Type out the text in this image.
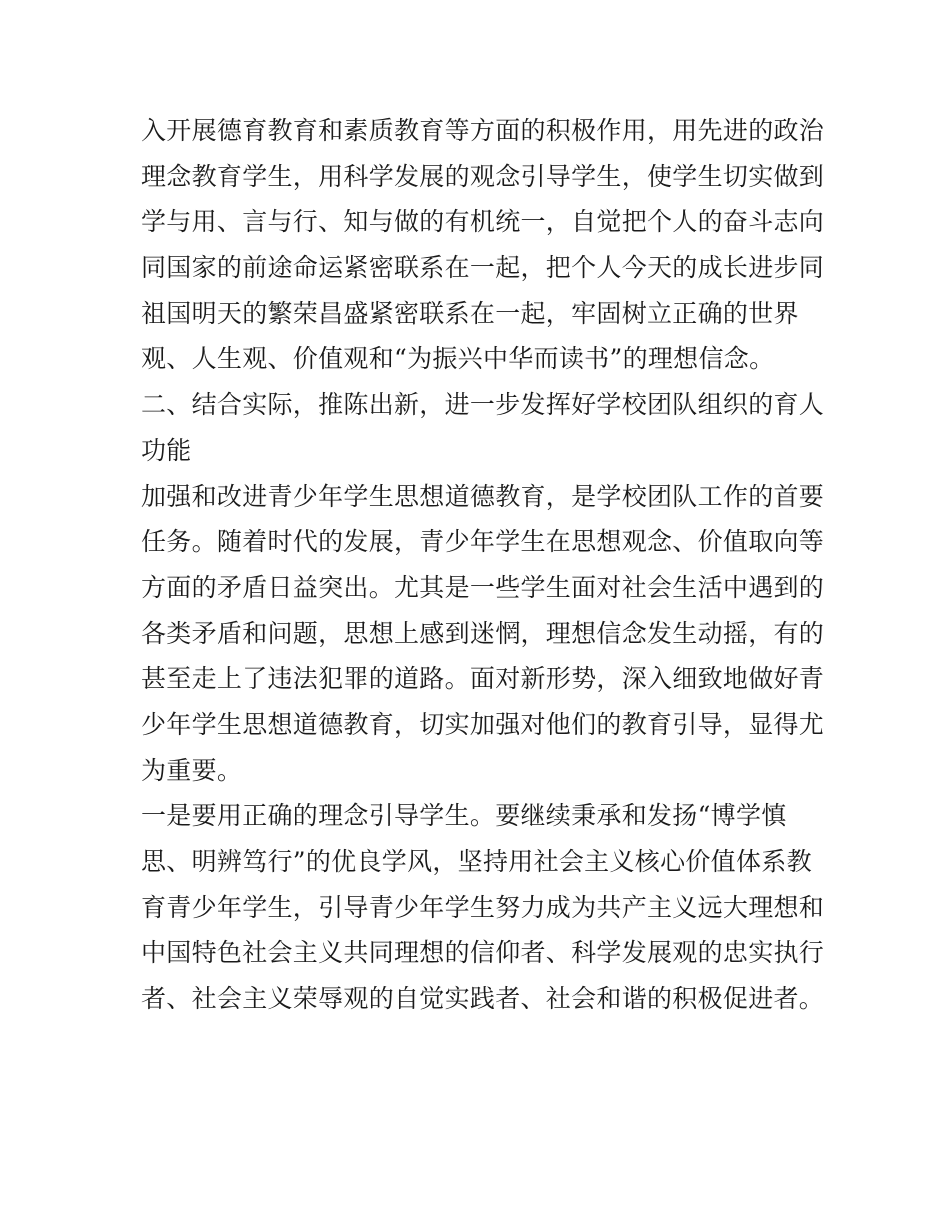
入开展德育教育和素质教育等方面的积极作用，用先进的政治
理念教育学生，用科学发展的观念引导学生，使学生切实做到
学与用、言与行、知与做的有机统一，自觉把个人的奋斗志向
同国家的前途命运紧密联系在一起，把个人今天的成长进步同
祖国明天的繁荣昌盛紧密联系在一起，牢固树立正确的世界
观、人生观、价值观和“为振兴中华而读书”的理想信念。
二、结合实际，推陈出新，进一步发挥好学校团队组织的育人
功能
加强和改进青少年学生思想道德教育，是学校团队工作的首要
任务。随着时代的发展，青少年学生在思想观念、价值取向等
方面的矛盾日益突出。尤其是一些学生面对社会生活中遇到的
各类矛盾和问题，思想上感到迷惘，理想信念发生动摇，有的
甚至走上了违法犯罪的道路。面对新形势，深入细致地做好青
少年学生思想道德教育，切实加强对他们的教育引导，显得尤
为重要。
一是要用正确的理念引导学生。要继续秉承和发扬“博学慎
思、明辨笃行”的优良学风，坚持用社会主义核心价值体系教
育青少年学生，引导青少年学生努力成为共产主义远大理想和
中国特色社会主义共同理想的信仰者、科学发展观的忠实执行
者、社会主义荣辱观的自觉实践者、社会和谐的积极促进者。
